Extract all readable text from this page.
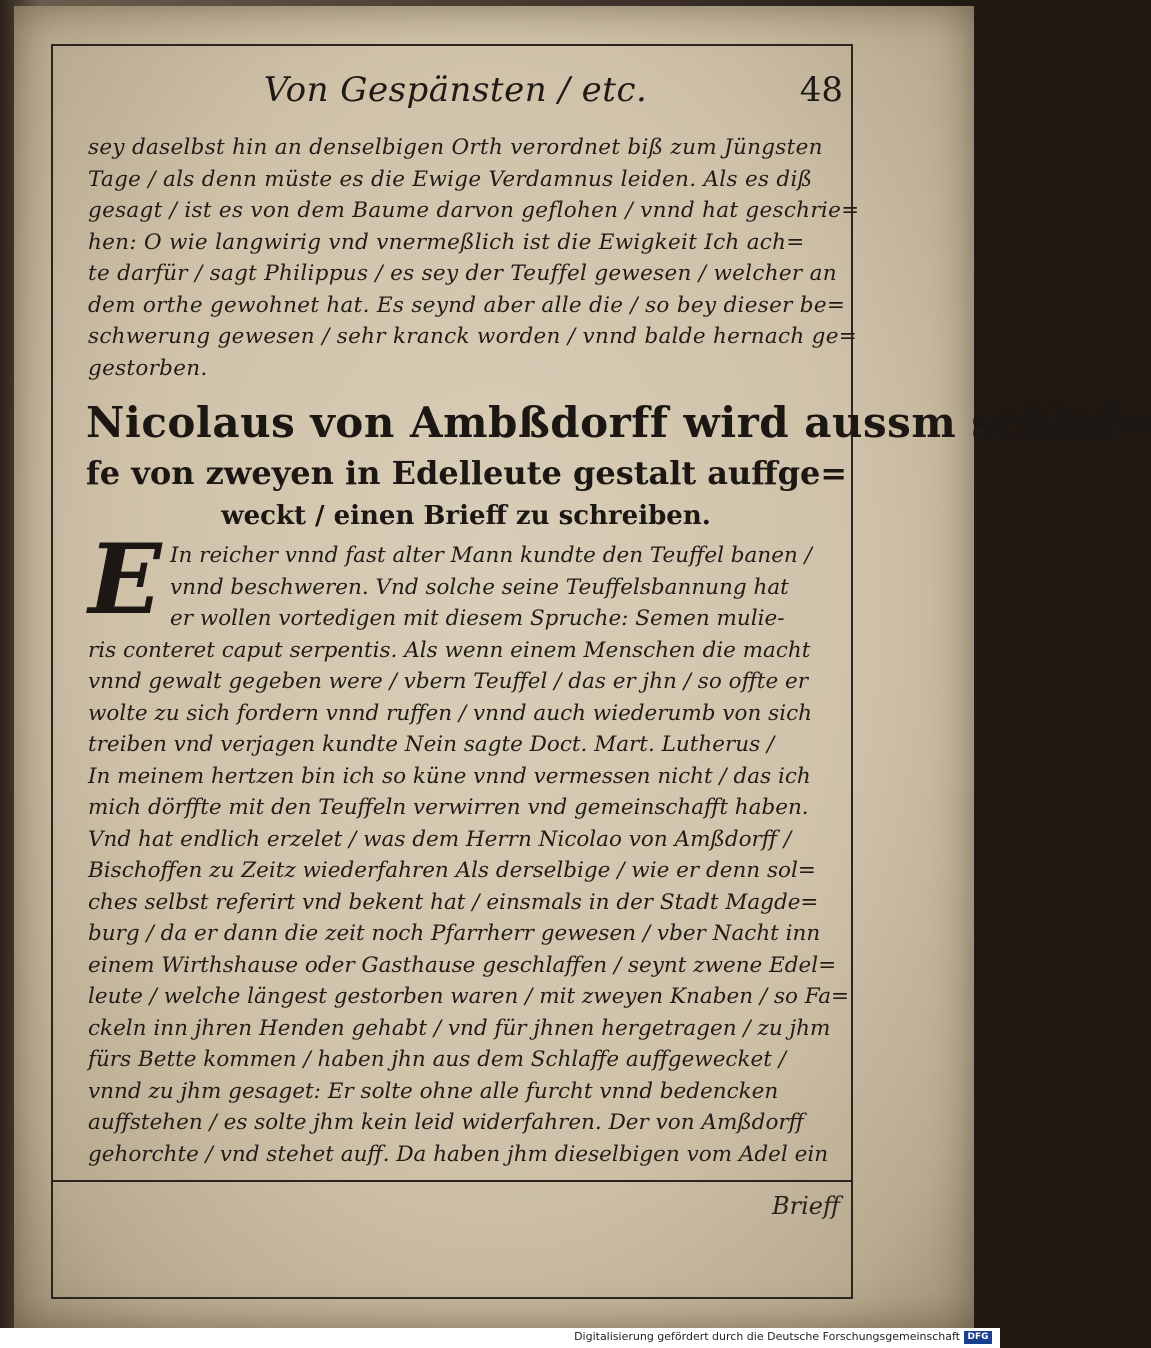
Von Gespänsten / etc.	48
sey daselbst hin an denselbigen Orth verordnet biß zum Jüngsten
Tage / als denn müste es die Ewige Verdamnus leiden. Als es diß
gesagt / ist es von dem Baume darvon geflohen / vnnd hat geschrie=
hen: O wie langwirig vnd vnermeßlich ist die Ewigkeit Ich ach=
te darfür / sagt Philippus / es sey der Teuffel gewesen / welcher an
dem orthe gewohnet hat. Es seynd aber alle die / so bey dieser be=
schwerung gewesen / sehr kranck worden / vnnd balde hernach ge=
gestorben.
Nicolaus von Ambßdorff wird aussm schlaf=
fe von zweyen in Edelleute gestalt auffge=
weckt / einen Brieff zu schreiben.
E In reicher vnnd fast alter Mann kundte den Teuffel banen /
vnnd beschweren. Vnd solche seine Teuffelsbannung hat
er wollen vortedigen mit diesem Spruche: Semen mulie-
ris conteret caput serpentis. Als wenn einem Menschen die macht
vnnd gewalt gegeben were / vbern Teuffel / das er jhn / so offte er
wolte zu sich fordern vnnd ruffen / vnnd auch wiederumb von sich
treiben vnd verjagen kundte Nein sagte Doct. Mart. Lutherus /
In meinem hertzen bin ich so küne vnnd vermessen nicht / das ich
mich dörffte mit den Teuffeln verwirren vnd gemeinschafft haben.
Vnd hat endlich erzelet / was dem Herrn Nicolao von Amßdorff /
Bischoffen zu Zeitz wiederfahren Als derselbige / wie er denn sol=
ches selbst referirt vnd bekent hat / einsmals in der Stadt Magde=
burg / da er dann die zeit noch Pfarrherr gewesen / vber Nacht inn
einem Wirthshause oder Gasthause geschlaffen / seynt zwene Edel=
leute / welche längest gestorben waren / mit zweyen Knaben / so Fa=
ckeln inn jhren Henden gehabt / vnd für jhnen hergetragen / zu jhm
fürs Bette kommen / haben jhn aus dem Schlaffe auffgewecket /
vnnd zu jhm gesaget: Er solte ohne alle furcht vnnd bedencken
auffstehen / es solte jhm kein leid widerfahren. Der von Amßdorff
gehorchte / vnd stehet auff. Da haben jhm dieselbigen vom Adel ein
Brieff
Digitalisierung gefördert durch die Deutsche Forschungsgemeinschaft DFG
